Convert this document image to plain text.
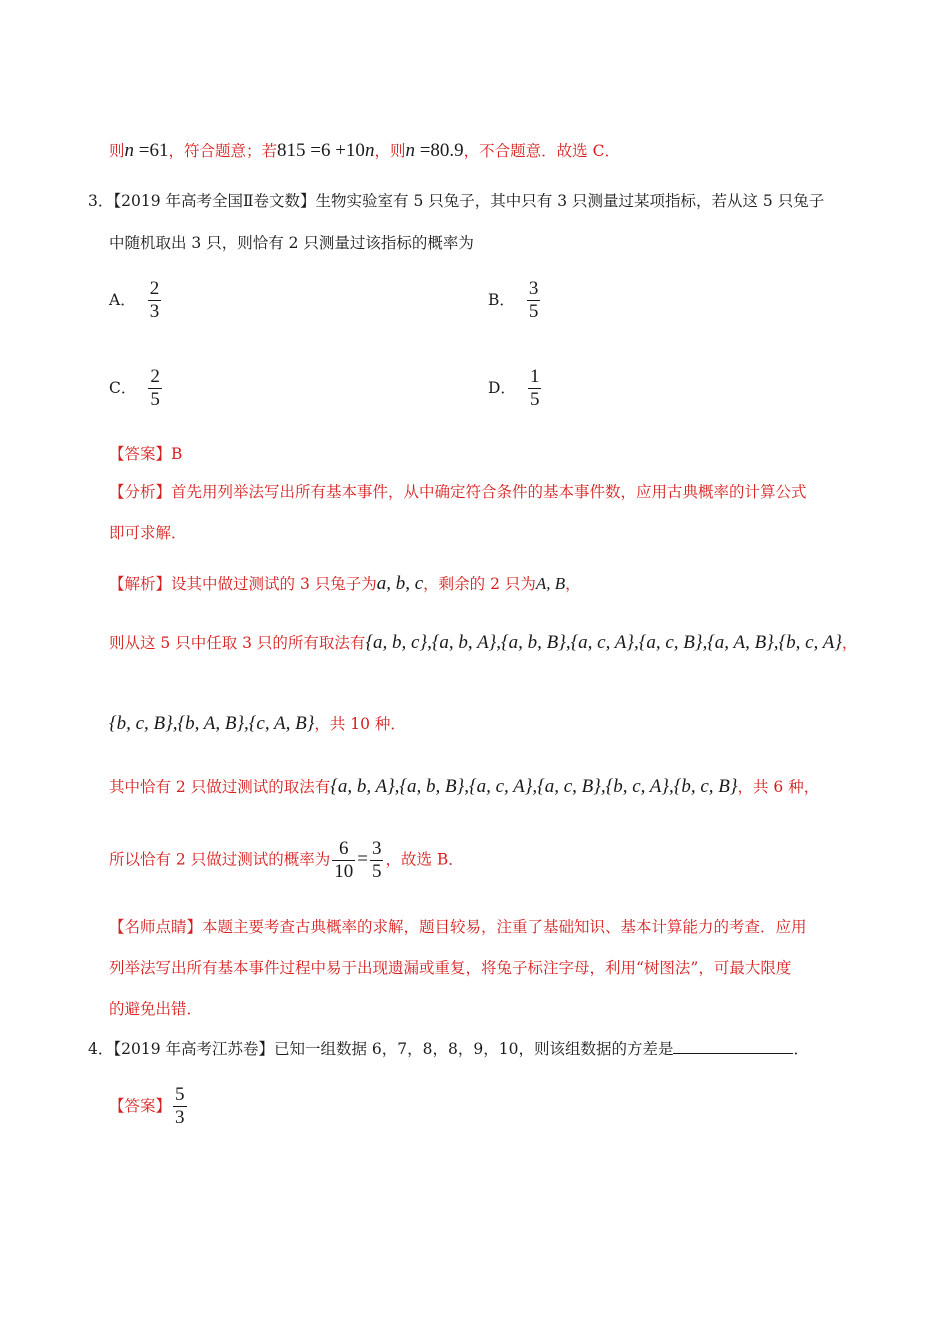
则n =61，符合题意；若815 =6 +10n，则n =80.9，不合题意．故选 C．
3．【2019 年高考全国Ⅱ卷文数】生物实验室有 5 只兔子，其中只有 3 只测量过某项指标，若从这 5 只兔子
中随机取出 3 只，则恰有 2 只测量过该指标的概率为
A． $\frac{2}{3}$	B． $\frac{3}{5}$
C． $\frac{2}{5}$	D． $\frac{1}{5}$
【答案】B
【分析】首先用列举法写出所有基本事件，从中确定符合条件的基本事件数，应用古典概率的计算公式
即可求解．
【解析】设其中做过测试的 3 只兔子为a, b, c，剩余的 2 只为A, B，
则从这 5 只中任取 3 只的所有取法有{a, b, c},{a, b, A},{a, b, B},{a, c, A},{a, c, B},{a, A, B},{b, c, A}，
{b, c, B},{b, A, B},{c, A, B}，共 10 种．
其中恰有 2 只做过测试的取法有{a, b, A},{a, b, B},{a, c, A},{a, c, B},{b, c, A},{b, c, B}，共 6 种，
所以恰有 2 只做过测试的概率为 $\frac{6}{10} = \frac{3}{5}$ ，故选 B．
【名师点睛】本题主要考查古典概率的求解，题目较易，注重了基础知识、基本计算能力的考查．应用
列举法写出所有基本事件过程中易于出现遗漏或重复，将兔子标注字母，利用“树图法”，可最大限度
的避免出错．
4．【2019 年高考江苏卷】已知一组数据 6，7，8，8，9，10，则该组数据的方差是	．
【答案】 $\frac{5}{3}$
